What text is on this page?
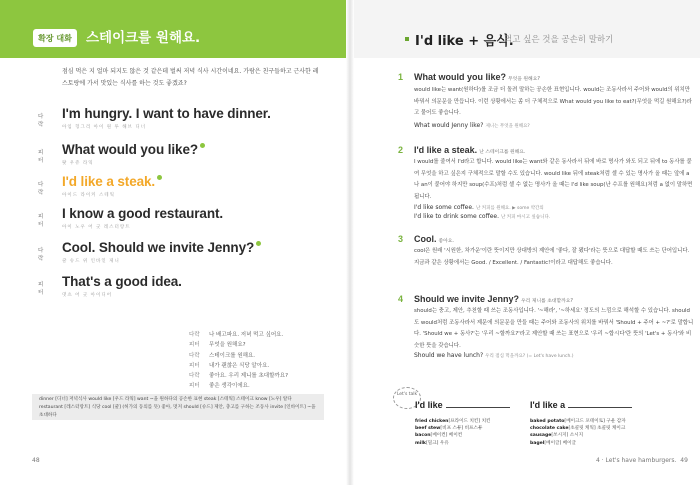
확장 대화	스테이크를 원해요.	I'd like + 음식.
먹고 싶은 것을 공손히 말하기
점심 먹은 지 얼마 되지도 않은 것 같은데 벌써 저녁 식사 시간이네요. 가람은 친구들하고 근사한 레스토랑에 가서 맛있는 식사를 하는 것도 좋겠죠?
다락
I'm hungry. I want to have dinner.
아임 헝그리 아이 원 투 해브 디너
피터
What would you like?
왓 우쥬 라잌
다락
I'd like a steak.
아이드 라이커 스테잌
피터
I know a good restaurant.
아이 노우 어 굿 레스터랑트
다락
Cool. Should we invite Jenny?
쿨 슈드 위 인바잍 제니
피터
That's a good idea.
댓츠 어 굿 아이디어
다락 나 배고파요. 저녁 먹고 싶어요.
피터 무엇을 원해요?
다락 스테이크를 원해요.
피터 내가 괜찮은 식당 알아요.
다락 좋아요. 우리 제니를 초대할까요?
피터 좋은 생각이에요.
dinner [디너] 저녁식사 would like [우드 라잌] want ~을 원하다의 공손한 표현 steak [스테잌] 스테이크 know [노우] 알다
restaurant [레스터랑트] 식당 cool [쿨] (허가의 동의를 뜻) 좋아, 멋져 should [슈드] 제안, 충고를 구하는 조동사 invite [인바이트] ~을 초대하다
48
1 What would you like? 무엇을 원해요?
would like는 want(원하다)를 조금 더 돌려 말하는 공손한 표현입니다. would는 조동사라서 주어와 would의 위치만 바꿔서 의문문을 만듭니다. 이런 상황에서는 좀 더 구체적으로 What would you like to eat?(무엇을 먹길 원해요?)라고 물어도 좋습니다.
What would Jenny like? 제니는 무엇을 원해요?
2 I'd like a steak. 난 스테이크를 원해요.
I would를 줄여서 I'd라고 합니다. would like는 want와 같은 동사라서 뒤에 바로 명사가 와도 되고 뒤에 to 동사를 붙여 무엇을 하고 싶은지 구체적으로 말할 수도 있습니다. would like 뒤에 steak처럼 셀 수 있는 명사가 올 때는 앞에 a나 an이 붙어야 하지만 soup(수프)처럼 셀 수 없는 명사가 올 때는 I'd like soup(난 수프를 원해요)처럼 a 없이 말하면 됩니다.
I'd like some coffee. 난 커피를 원해요. ▶ some 약간의
I'd like to drink some coffee. 난 커피 마시고 싶습니다.
3 Cool. 좋아요.
cool은 원래 '시원한, 차가운'이란 뜻이지만 상대방의 제안에 '좋다, 잘 됐다'라는 뜻으로 대답할 때도 쓰는 단어입니다. 지금과 같은 상황에서는 Good. / Excellent. / Fantastic!이라고 대답해도 좋습니다.
4 Should we invite Jenny? 우리 제니를 초대할까요?
should는 충고, 제안, 추천할 때 쓰는 조동사입니다. '~해라', '~하세요' 정도의 느낌으로 해석할 수 있습니다. should도 would처럼 조동사라서 제문에 의문문을 만들 때는 주어와 조동사의 위치를 바꿔서 'Should + 주어 + ~?'로 말합니다. 'Should we + 동사?'는 '우리 ~할까요?'라고 제안할 때 쓰는 표현으로 '우리 ~합시다'란 뜻의 'Let's + 동사'와 비슷한 뜻을 갖습니다.
Should we have lunch? 우리 점심 먹을까요? (= Let's have lunch.)
Let's talk
I'd like
fried chicken[프라이드 치킨] 치킨
beef stew[비프 스튜] 비프스튜
bacon[베이컨] 베이컨
milk[밀크] 우유
I'd like a
baked potato[베이크드 포테이토] 구운 감자
chocolate cake[초콜릿 케잌] 초콜릿 케이크
sausage[쏘시지] 소시지
bagel[베이글] 베이글
4 · Let's have hamburgers. 49
